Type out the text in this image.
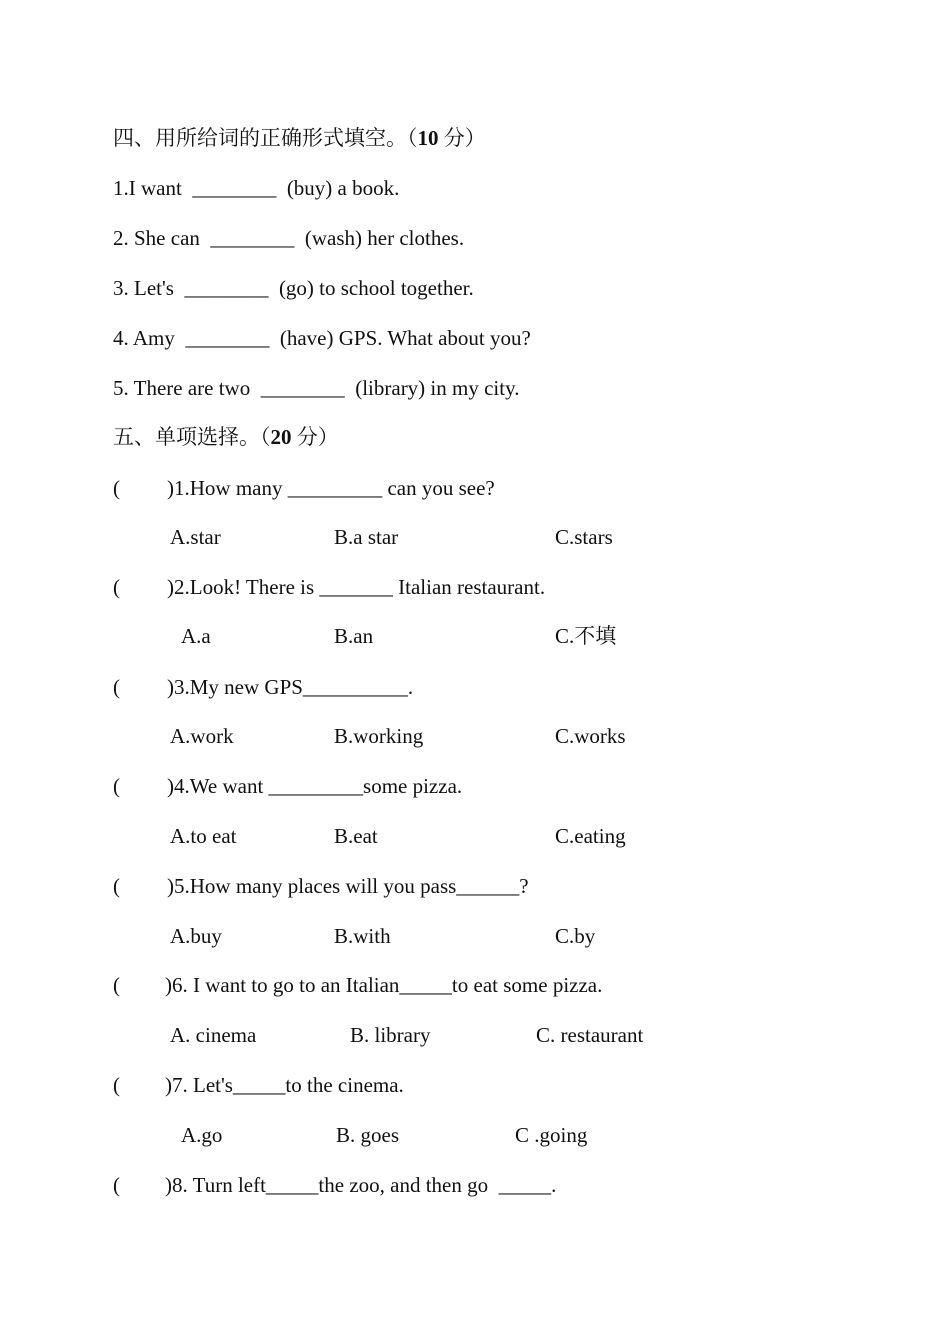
四、用所给词的正确形式填空。（10 分）
1.I want  ________  (buy) a book.
2. She can  ________  (wash) her clothes.
3. Let's  ________  (go) to school together.
4. Amy  ________  (have) GPS. What about you?
5. There are two  ________  (library) in my city.
五、单项选择。（20 分）
( )1.How many _________ can you see?
A.star	B.a star	C.stars
( )2.Look! There is _______ Italian restaurant.
A.a	B.an	C.不填
( )3.My new GPS__________.
A.work	B.working	C.works
( )4.We want _________some pizza.
A.to eat	B.eat	C.eating
( )5.How many places will you pass______?
A.buy	B.with	C.by
( )6. I want to go to an Italian_____to eat some pizza.
A. cinema	B. library	C. restaurant
( )7. Let's_____to the cinema.
A.go	B. goes	C .going
( )8. Turn left_____the zoo, and then go  _____.
